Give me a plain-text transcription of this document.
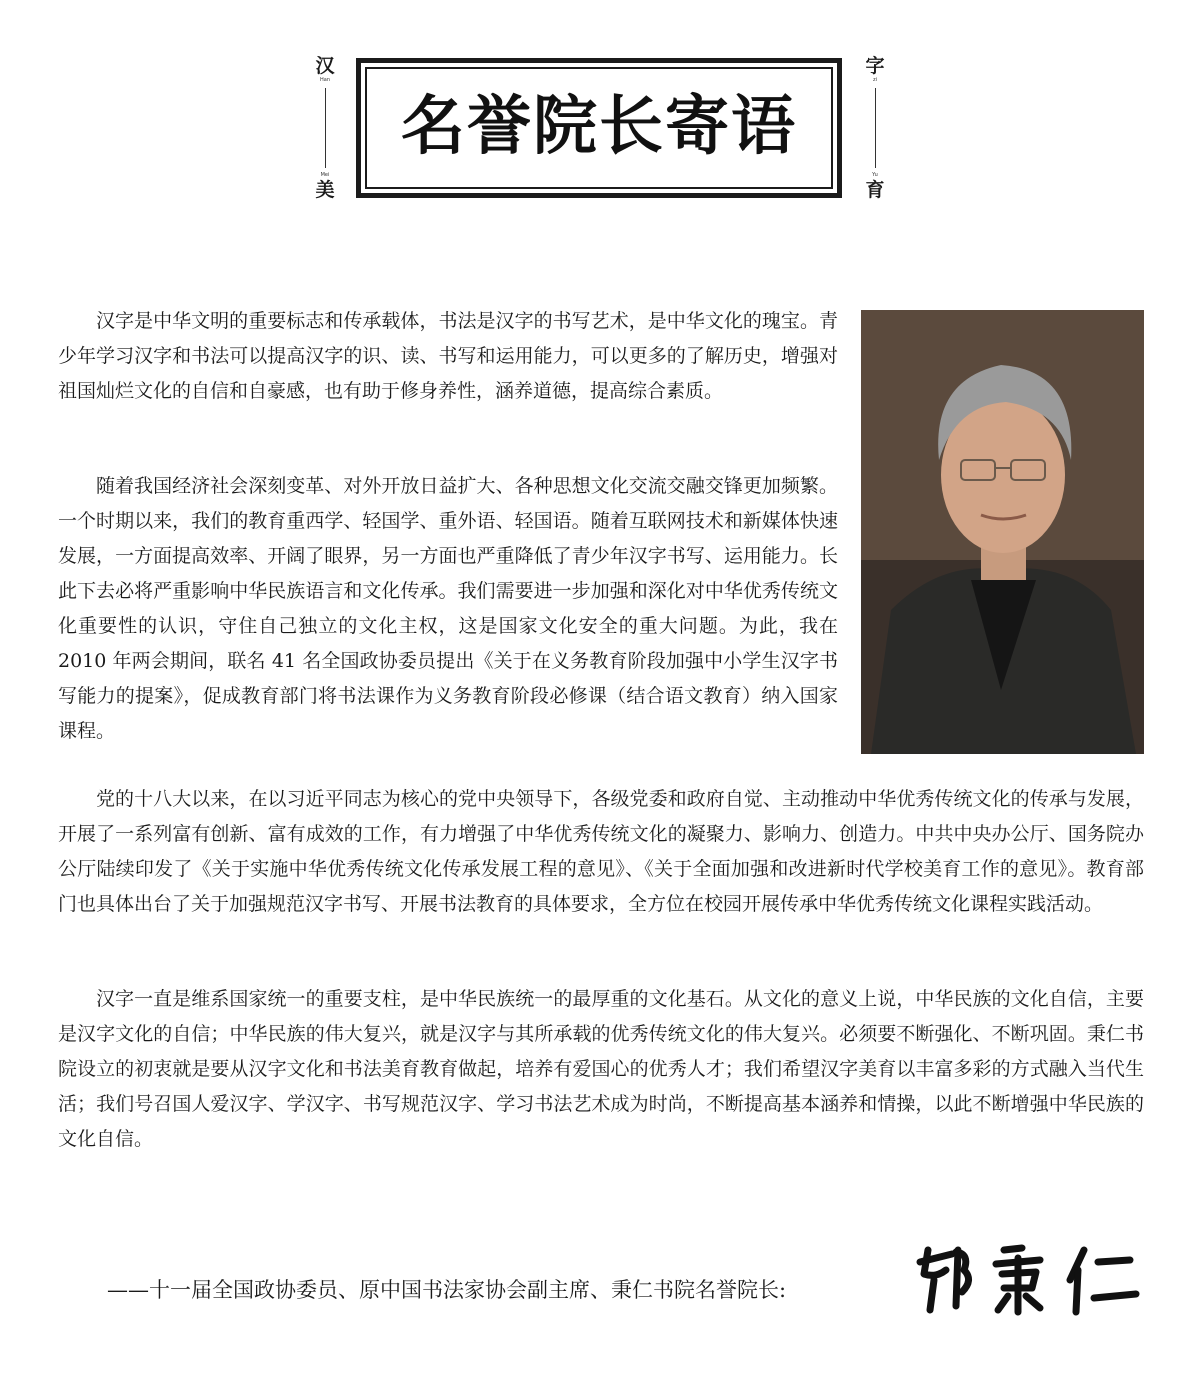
汉
Han
Mei
美
名誉院长寄语
字
zi
Yu
育

汉字是中华文明的重要标志和传承载体，书法是汉字的书写艺术，是中华文化的瑰宝。青少年学习汉字和书法可以提高汉字的识、读、书写和运用能力，可以更多的了解历史，增强对祖国灿烂文化的自信和自豪感，也有助于修身养性，涵养道德，提高综合素质。

随着我国经济社会深刻变革、对外开放日益扩大、各种思想文化交流交融交锋更加频繁。一个时期以来，我们的教育重西学、轻国学、重外语、轻国语。随着互联网技术和新媒体快速发展，一方面提高效率、开阔了眼界，另一方面也严重降低了青少年汉字书写、运用能力。长此下去必将严重影响中华民族语言和文化传承。我们需要进一步加强和深化对中华优秀传统文化重要性的认识，守住自己独立的文化主权，这是国家文化安全的重大问题。为此，我在 2010 年两会期间，联名 41 名全国政协委员提出《关于在义务教育阶段加强中小学生汉字书写能力的提案》，促成教育部门将书法课作为义务教育阶段必修课（结合语文教育）纳入国家课程。

党的十八大以来，在以习近平同志为核心的党中央领导下，各级党委和政府自觉、主动推动中华优秀传统文化的传承与发展，开展了一系列富有创新、富有成效的工作，有力增强了中华优秀传统文化的凝聚力、影响力、创造力。中共中央办公厅、国务院办公厅陆续印发了《关于实施中华优秀传统文化传承发展工程的意见》、《关于全面加强和改进新时代学校美育工作的意见》。教育部门也具体出台了关于加强规范汉字书写、开展书法教育的具体要求，全方位在校园开展传承中华优秀传统文化课程实践活动。

汉字一直是维系国家统一的重要支柱，是中华民族统一的最厚重的文化基石。从文化的意义上说，中华民族的文化自信，主要是汉字文化的自信；中华民族的伟大复兴，就是汉字与其所承载的优秀传统文化的伟大复兴。必须要不断强化、不断巩固。秉仁书院设立的初衷就是要从汉字文化和书法美育教育做起，培养有爱国心的优秀人才；我们希望汉字美育以丰富多彩的方式融入当代生活；我们号召国人爱汉字、学汉字、书写规范汉字、学习书法艺术成为时尚，不断提高基本涵养和情操，以此不断增强中华民族的文化自信。

——十一届全国政协委员、原中国书法家协会副主席、秉仁书院名誉院长:
